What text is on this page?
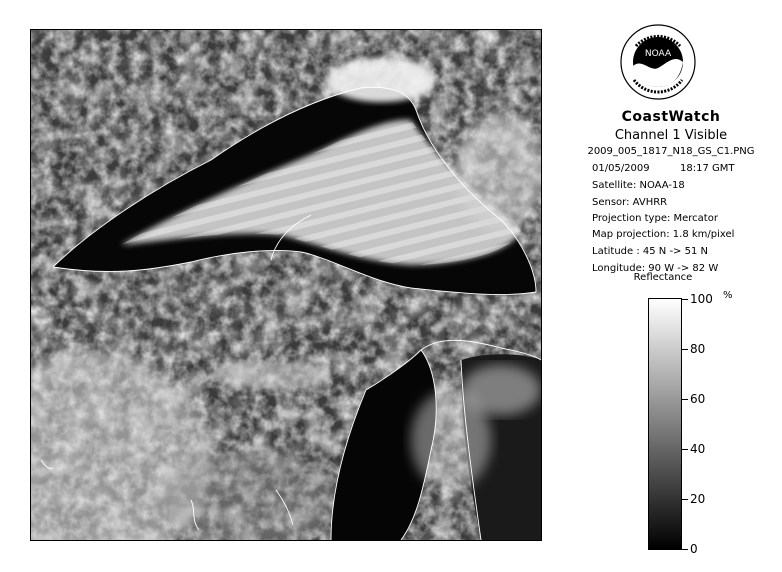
NOAA
CoastWatch
Channel 1 Visible
2009_005_1817_N18_GS_C1.PNG
01/05/2009	18:17 GMT
Satellite: NOAA-18
Sensor: AVHRR
Projection type: Mercator
Map projection: 1.8 km/pixel
Latitude : 45 N -> 51 N
Longitude: 90 W -> 82 W
Reflectance
%
0
20
40
60
80
100
